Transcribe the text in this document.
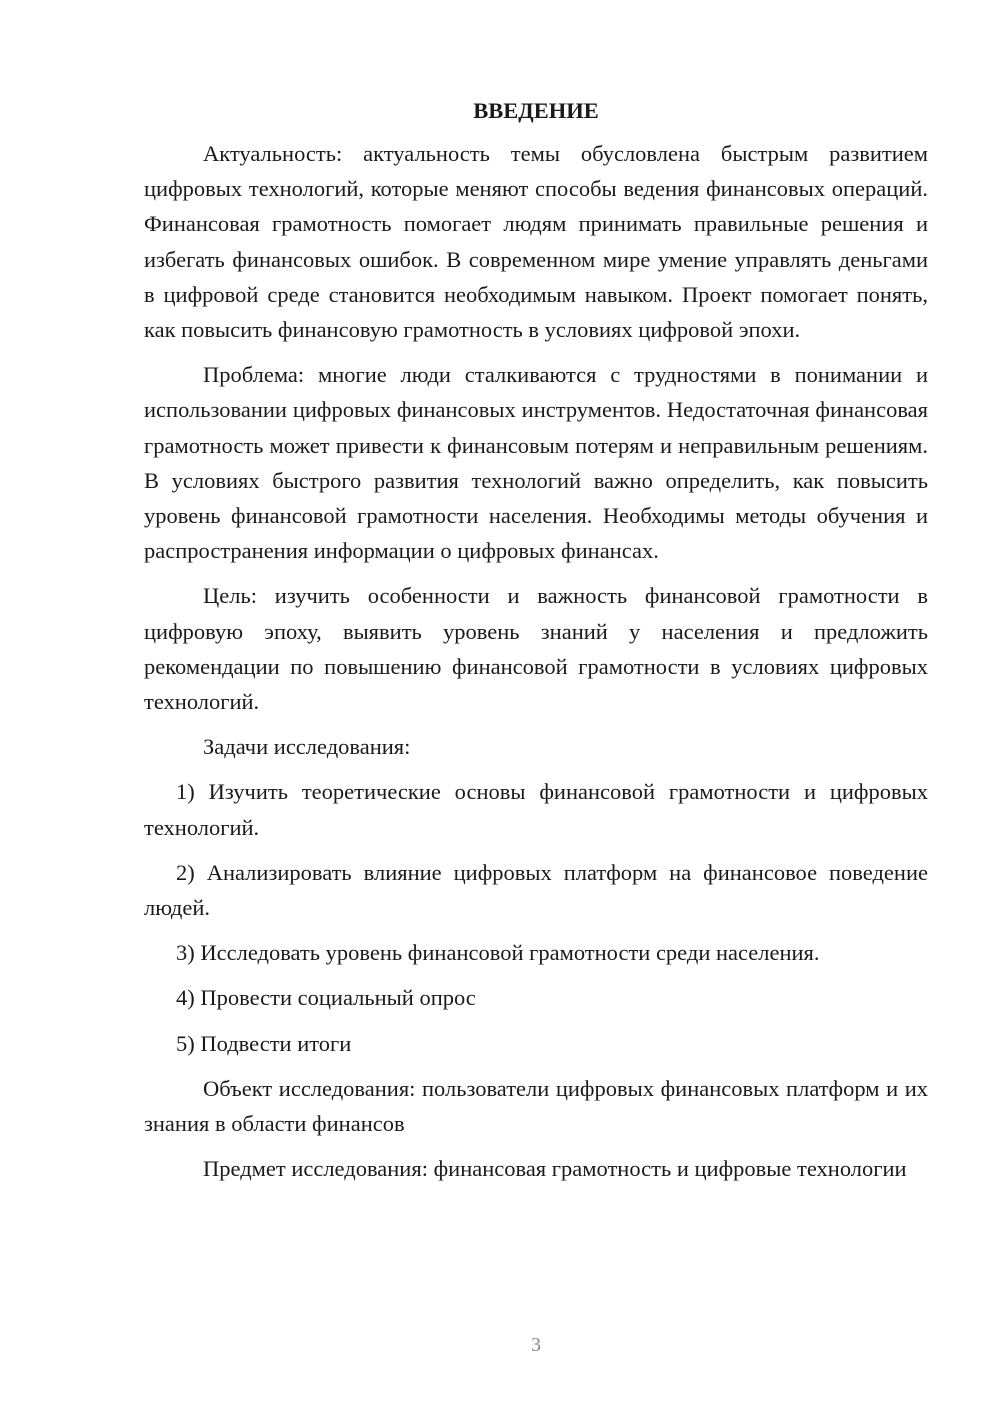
ВВЕДЕНИЕ

Актуальность: актуальность темы обусловлена быстрым развитием цифровых технологий, которые меняют способы ведения финансовых операций. Финансовая грамотность помогает людям принимать правильные решения и избегать финансовых ошибок. В современном мире умение управлять деньгами в цифровой среде становится необходимым навыком. Проект помогает понять, как повысить финансовую грамотность в условиях цифровой эпохи.

Проблема: многие люди сталкиваются с трудностями в понимании и использовании цифровых финансовых инструментов. Недостаточная финансовая грамотность может привести к финансовым потерям и неправильным решениям. В условиях быстрого развития технологий важно определить, как повысить уровень финансовой грамотности населения. Необходимы методы обучения и распространения информации о цифровых финансах.

Цель: изучить особенности и важность финансовой грамотности в цифровую эпоху, выявить уровень знаний у населения и предложить рекомендации по повышению финансовой грамотности в условиях цифровых технологий.

Задачи исследования:

1) Изучить теоретические основы финансовой грамотности и цифровых технологий.

2) Анализировать влияние цифровых платформ на финансовое поведение людей.

3) Исследовать уровень финансовой грамотности среди населения.

4) Провести социальный опрос

5) Подвести итоги

Объект исследования: пользователи цифровых финансовых платформ и их знания в области финансов

Предмет исследования: финансовая грамотность и цифровые технологии

3
